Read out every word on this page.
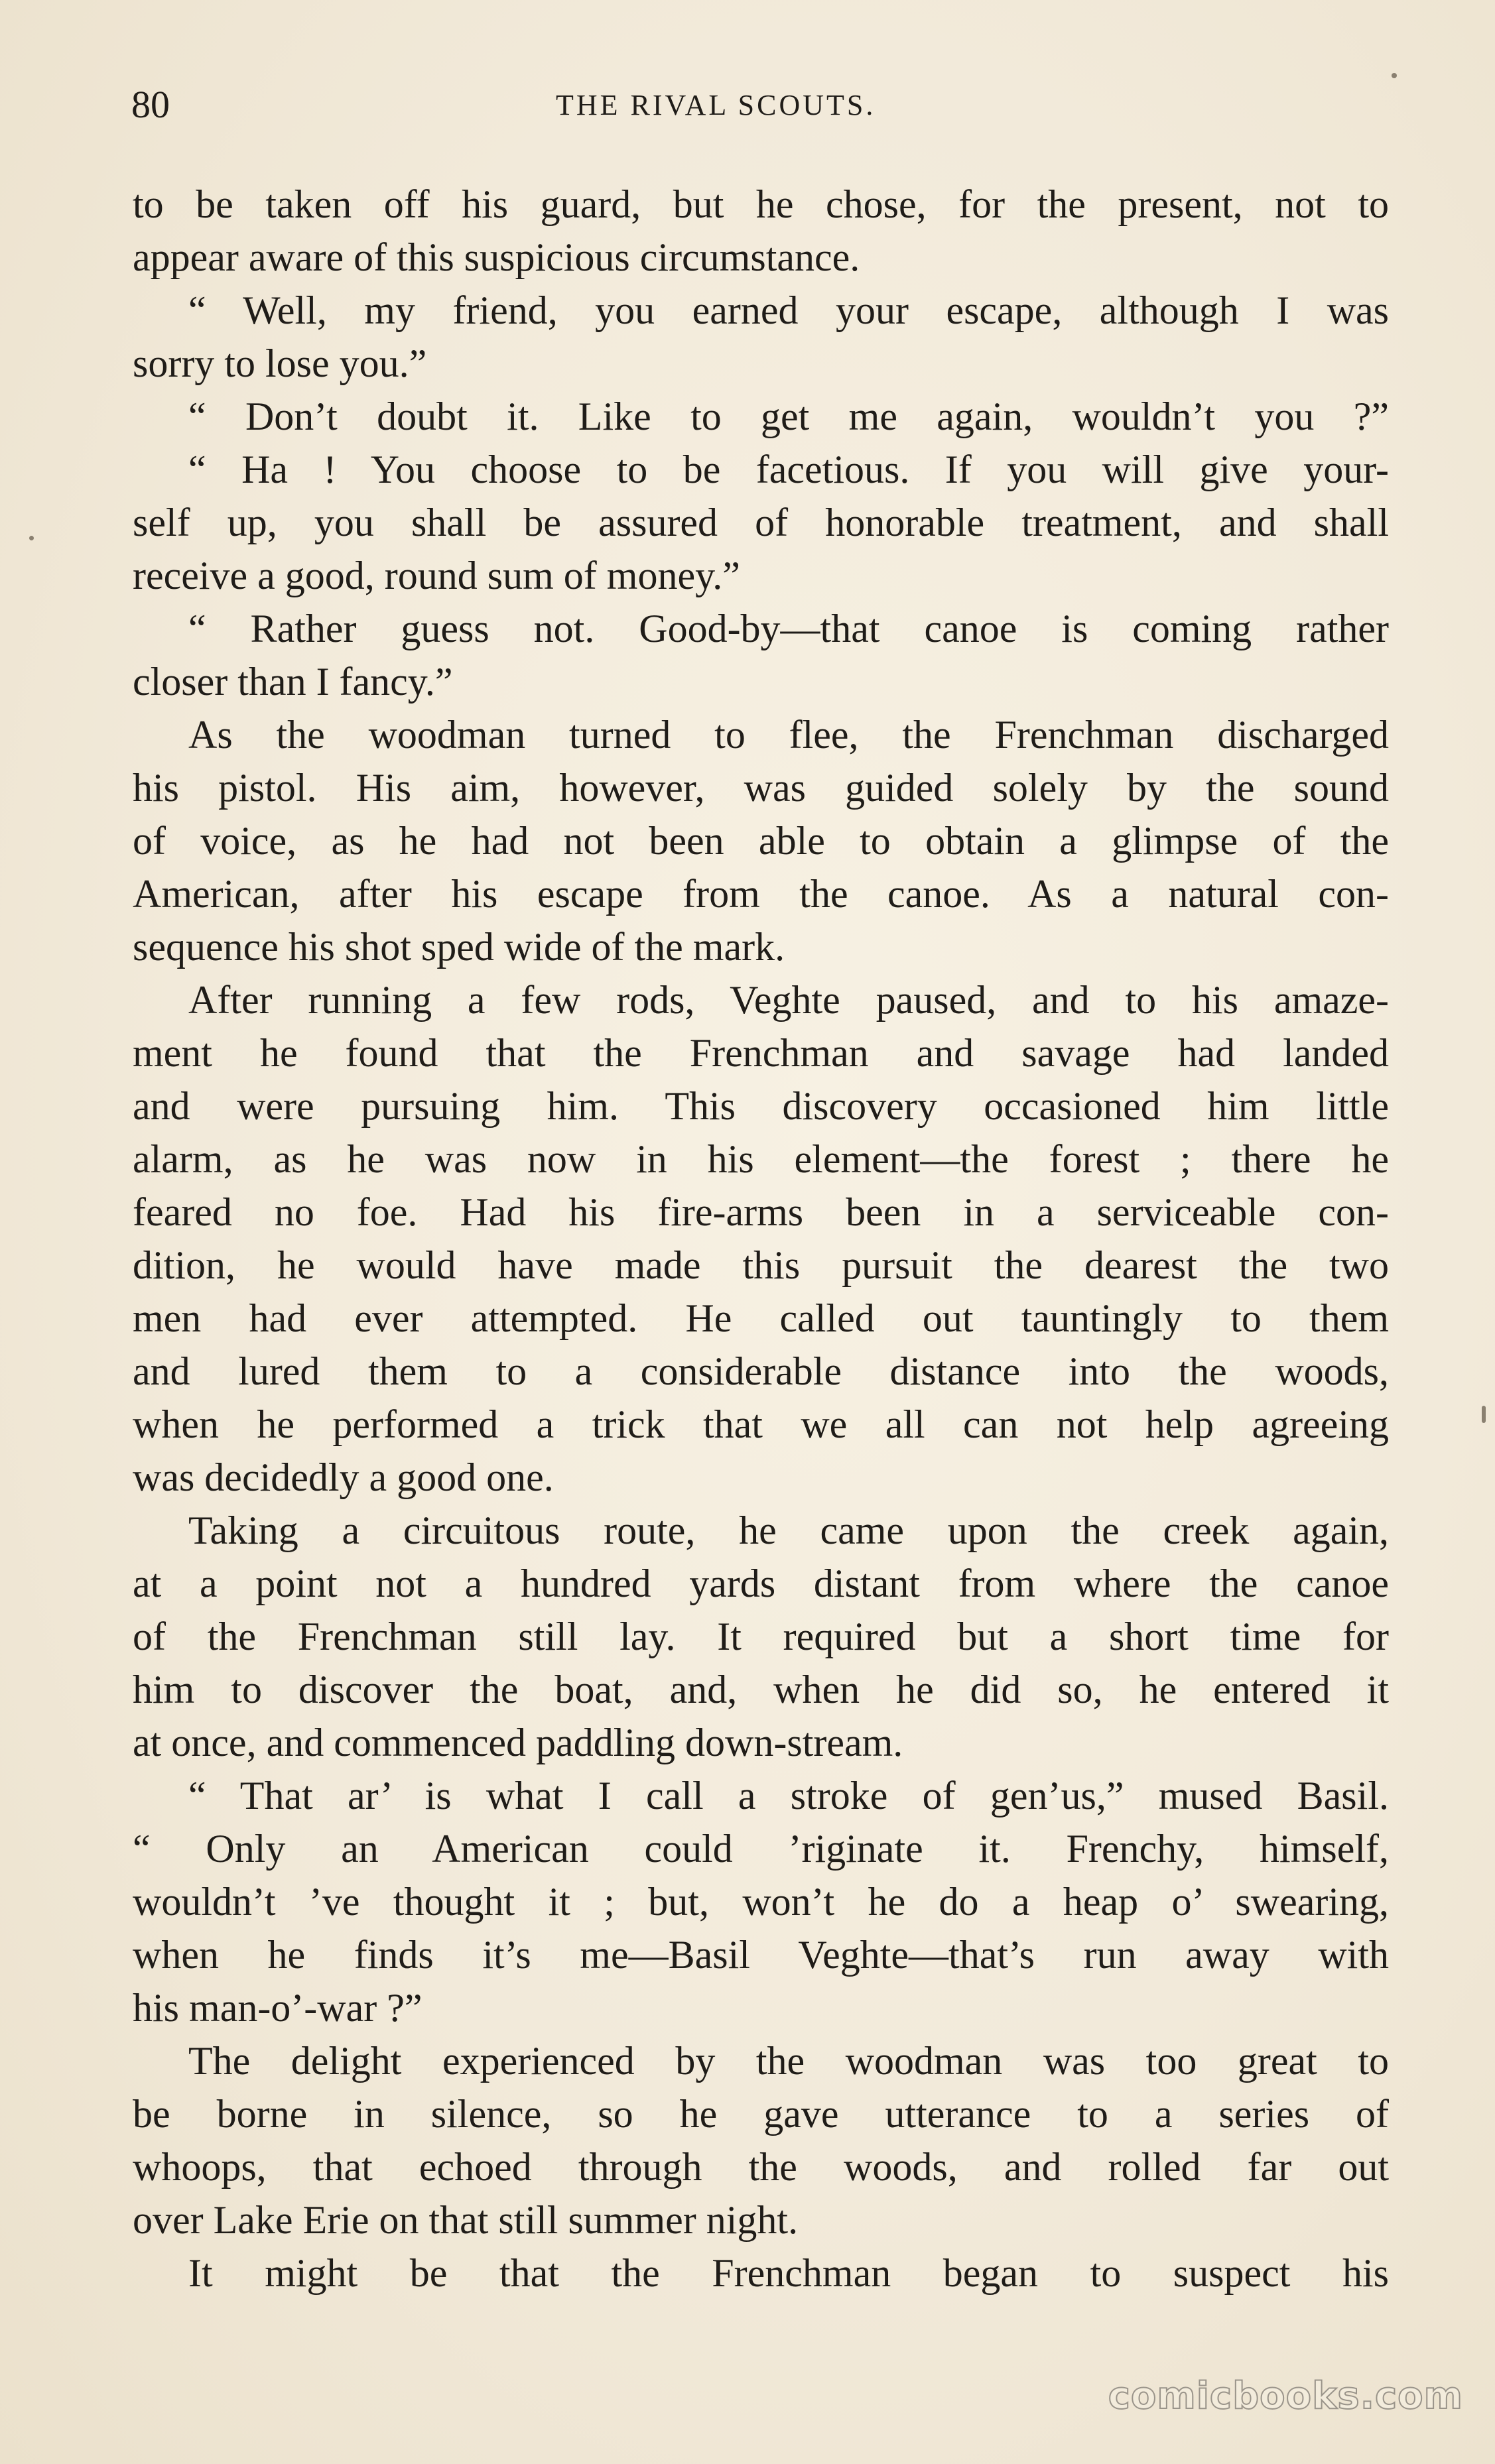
80	THE RIVAL SCOUTS.
to be taken off his guard, but he chose, for the present, not to
appear aware of this suspicious circumstance.
“ Well, my friend, you earned your escape, although I was
sorry to lose you.”
“ Don’t doubt it. Like to get me again, wouldn’t you ?”
“ Ha ! You choose to be facetious. If you will give your-
self up, you shall be assured of honorable treatment, and shall
receive a good, round sum of money.”
“ Rather guess not. Good-by—that canoe is coming rather
closer than I fancy.”
As the woodman turned to flee, the Frenchman discharged
his pistol. His aim, however, was guided solely by the sound
of voice, as he had not been able to obtain a glimpse of the
American, after his escape from the canoe. As a natural con-
sequence his shot sped wide of the mark.
After running a few rods, Veghte paused, and to his amaze-
ment he found that the Frenchman and savage had landed
and were pursuing him. This discovery occasioned him little
alarm, as he was now in his element—the forest ; there he
feared no foe. Had his fire-arms been in a serviceable con-
dition, he would have made this pursuit the dearest the two
men had ever attempted. He called out tauntingly to them
and lured them to a considerable distance into the woods,
when he performed a trick that we all can not help agreeing
was decidedly a good one.
Taking a circuitous route, he came upon the creek again,
at a point not a hundred yards distant from where the canoe
of the Frenchman still lay. It required but a short time for
him to discover the boat, and, when he did so, he entered it
at once, and commenced paddling down-stream.
“ That ar’ is what I call a stroke of gen’us,” mused Basil.
“ Only an American could ’riginate it. Frenchy, himself,
wouldn’t ’ve thought it ; but, won’t he do a heap o’ swearing,
when he finds it’s me—Basil Veghte—that’s run away with
his man-o’-war ?”
The delight experienced by the woodman was too great to
be borne in silence, so he gave utterance to a series of
whoops, that echoed through the woods, and rolled far out
over Lake Erie on that still summer night.
It might be that the Frenchman began to suspect his
comicbooks.com
